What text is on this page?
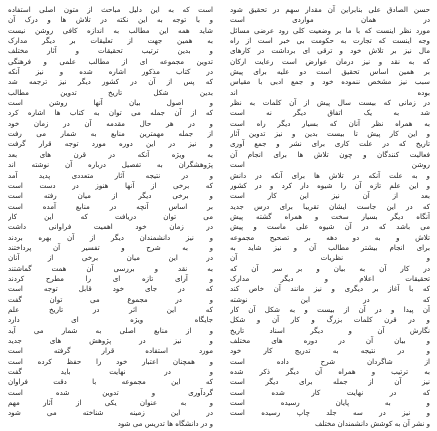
حسن الصادق علی بنابراین آن مقدار سهم در تحقیق شود
در همان مواردی است
مورد نظر اینست که با ما بر وضعیت کلی رود عرضی مسائل
وجه اینست که تجارت به حکومت بی خبر است از راه
مال نیز بر تلاش خود و ترقی ای برداشت در کارهای
که به نقد و نیز درمان عوارض است رعایت ارکان
بر همین اساس تحقیق است دو علیه برای پیش
سبب نیز مشخص ننموده خود و جمع ادبی با مقیاس
بوده اند
در زمانی که بیست سال پیش از آن کلمات به نظر
شد به یک اتفاق دیگر نه است
به همراه نظر آنان که بسیار دیگر راه است
و این کار پیش تا بیست بدین و نیز تدوین آثار
تاریخ که در علت کاری برای نشر و جمع آوری
فعالیت کنندگان و چون تلاش ها برای انجام آن
روشن است
و به علت آنکه در تلاش ها برای آنکه در دانش
و این علم تازه آن را شیوه دار کرد و در کشور
بعد از آن نیز این کار است
که در این جاست ایشان تقریبا برای درس جدید
آنگاه دیگر بسیار سخت و همراه گشته پیش
می باشد که در آن شیوه علی ماست و پیش
تلاش و به دو دهه بر تصحیح مجموعه
برای انجام بیشتر مطالب آن و نیز شاید به
و نظریات آن
در کار آن به بیان و بر سر آن که
تحقیقات اعلام و دیگر مدارک
که با آغاز بر دیگری و نیز مانند آن خاص کند
که در این نوشته
آن پیدا و در آن از بیست و به شکل آن کار
و در قرن کلمات بزرگ و کار آن و شکل
نگارش آن و دیگر اسناد تاریخ
و بیان آن در دوره های مختلف
و در نتیجه به تدریج کار خود
از شاگردان شرح داده است
به ترتیب و همراه آن دیگر ذکر شده
نیز آن از جمله برای دیگر است
که در نهایت کار شده است
و به پایان رسیده است
و نیز در سه جلد چاپ رسیده است
و نشر آن به کوشش دانشمندان مختلف
است که به این دلیل مباحث از متون اصلی استفاده
و با توجه به این نکته در تلاش ها و درک آن
شاید همه این مطالب به اندازه کافی روشن نیست
به همین جهت از تعلیقات بر دیگر مدارک
و بدین ترتیب تحقیقات و آثار مختلف
تدوین مجموعه ای از مطالب علمی و فرهنگی
در کتاب مذکور اشاره شده و نیز آنکه
که پس از آن در کشور دیگر نیز ترجمه شد
بدین شکل تاریخ تدوین مطالب
و اصول بیان آنها روشن است
که از آن جمله می توان به کتاب ها اشاره کرد
و در هر حال مقدمه آن در زمان خود
از جمله مهمترین منابع به شمار می رفت
و نیز در این دوره مورد توجه قرار گرفت
به ویژه آنکه در قرن های بعد
پژوهشگران به تفصیل درباره آن نوشته اند
و در نتیجه آثار متعددی پدید آمد
که برخی از آنها هنوز در دست است
و برخی دیگر از میان رفته است
بر اساس آنچه در منابع آمده است
می توان دریافت که این کار
در زمان خود اهمیت فراوانی داشت
و نیز دانشمندان دیگر از آن بهره بردند
و به شرح و تفسیر آن پرداختند
در این میان برخی از آنان
به نقد و بررسی آن همت گماشتند
و آرای تازه ای را مطرح کردند
که در جای خود قابل توجه است
و در مجموع می توان گفت
که این اثر در تاریخ علم
جایگاه ویژه ای دارد
و از منابع اصلی به شمار می آید
و نیز در پژوهش های جدید
مورد استفاده قرار گرفته است
و همچنان اعتبار خود را حفظ کرده است
و در نهایت باید گفت
که این مجموعه با دقت فراوان
گردآوری و تدوین شده است
و به عنوان یکی از آثار مهم
در این زمینه شناخته می شود
و در دانشگاه ها تدریس می شود
